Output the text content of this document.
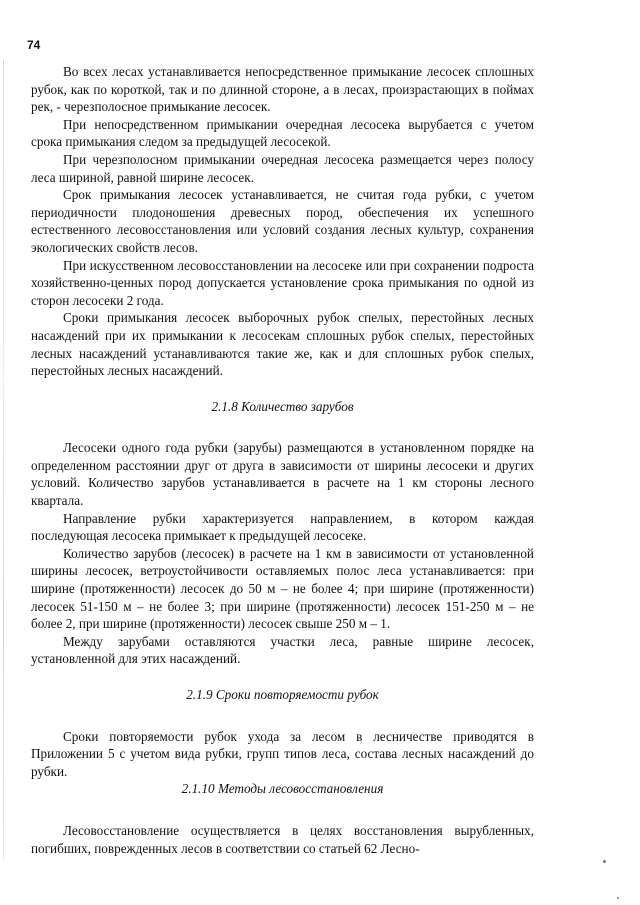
74

Во всех лесах устанавливается непосредственное примыкание лесосек сплошных рубок, как по короткой, так и по длинной стороне, а в лесах, произрастающих в поймах рек, - черезполосное примыкание лесосек.

При непосредственном примыкании очередная лесосека вырубается с учетом срока примыкания следом за предыдущей лесосекой.

При черезполосном примыкании очередная лесосека размещается через полосу леса шириной, равной ширине лесосек.

Срок примыкания лесосек устанавливается, не считая года рубки, с учетом периодичности плодоношения древесных пород, обеспечения их успешного естественного лесовосстановления или условий создания лесных культур, сохранения экологических свойств лесов.

При искусственном лесовосстановлении на лесосеке или при сохранении подроста хозяйственно-ценных пород допускается установление срока примыкания по одной из сторон лесосеки 2 года.

Сроки примыкания лесосек выборочных рубок спелых, перестойных лесных насаждений при их примыкании к лесосекам сплошных рубок спелых, перестойных лесных насаждений устанавливаются такие же, как и для сплошных рубок спелых, перестойных лесных насаждений.

2.1.8 Количество зарубов

Лесосеки одного года рубки (зарубы) размещаются в установленном порядке на определенном расстоянии друг от друга в зависимости от ширины лесосеки и других условий. Количество зарубов устанавливается в расчете на 1 км стороны лесного квартала.

Направление рубки характеризуется направлением, в котором каждая последующая лесосека примыкает к предыдущей лесосеке.

Количество зарубов (лесосек) в расчете на 1 км в зависимости от установленной ширины лесосек, ветроустойчивости оставляемых полос леса устанавливается: при ширине (протяженности) лесосек до 50 м – не более 4; при ширине (протяженности) лесосек 51-150 м – не более 3; при ширине (протяженности) лесосек 151-250 м – не более 2, при ширине (протяженности) лесосек свыше 250 м – 1.

Между зарубами оставляются участки леса, равные ширине лесосек, установленной для этих насаждений.

2.1.9 Сроки повторяемости рубок

Сроки повторяемости рубок ухода за лесом в лесничестве приводятся в Приложении 5 с учетом вида рубки, групп типов леса, состава лесных насаждений до рубки.

2.1.10 Методы лесовосстановления

Лесовосстановление осуществляется в целях восстановления вырубленных, погибших, поврежденных лесов в соответствии со статьей 62 Лесно-
